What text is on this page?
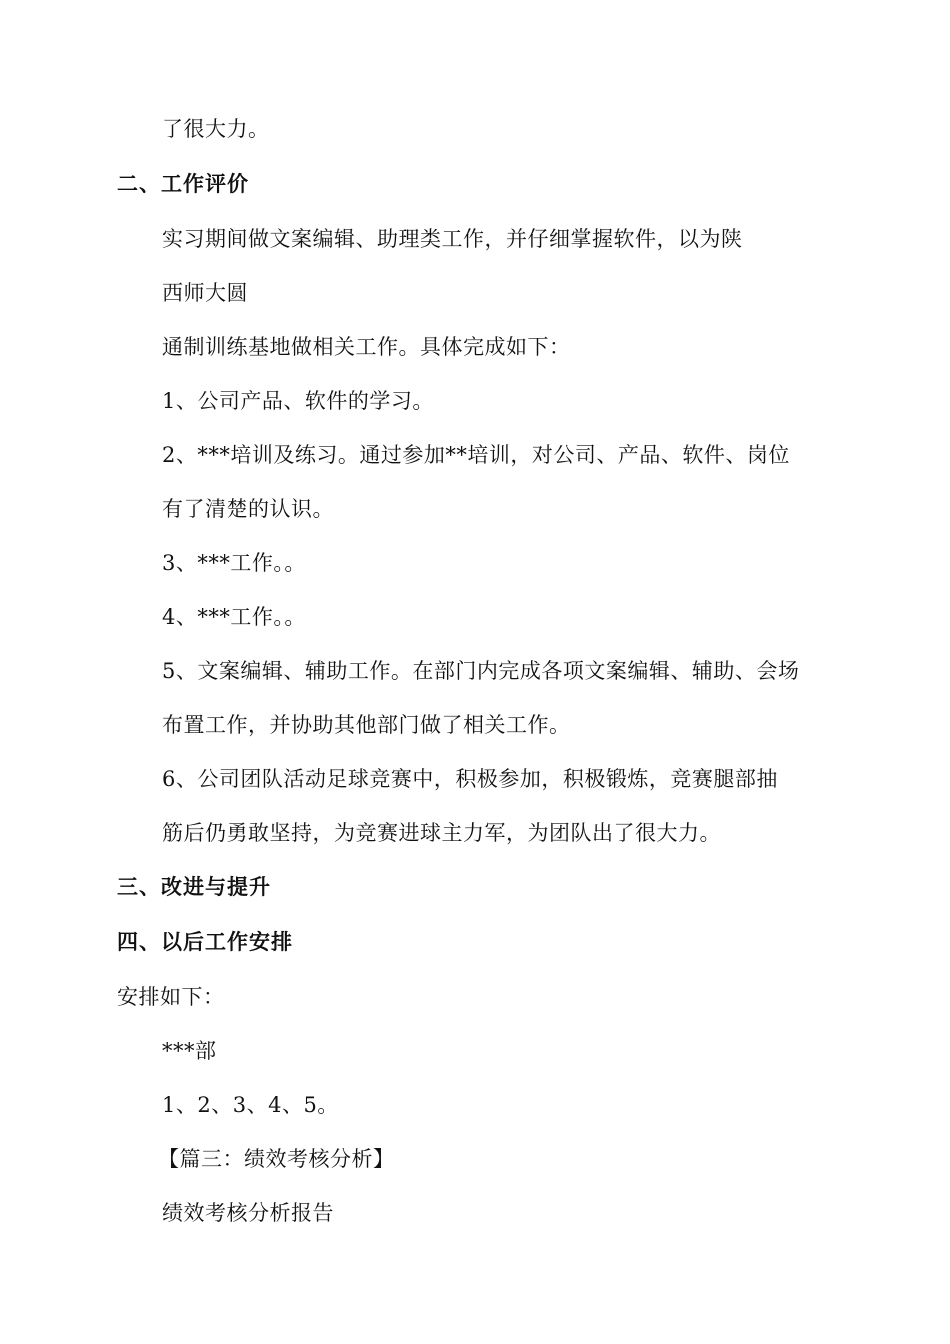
了很大力。
二、工作评价
实习期间做文案编辑、助理类工作，并仔细掌握软件，以为陕
西师大圆
通制训练基地做相关工作。具体完成如下：
1、公司产品、软件的学习。
2、***培训及练习。通过参加**培训，对公司、产品、软件、岗位
有了清楚的认识。
3、***工作。。
4、***工作。。
5、文案编辑、辅助工作。在部门内完成各项文案编辑、辅助、会场
布置工作，并协助其他部门做了相关工作。
6、公司团队活动足球竞赛中，积极参加，积极锻炼，竞赛腿部抽
筋后仍勇敢坚持，为竞赛进球主力军，为团队出了很大力。
三、改进与提升
四、以后工作安排
安排如下：
***部
1、2、3、4、5。
【篇三：绩效考核分析】
绩效考核分析报告
